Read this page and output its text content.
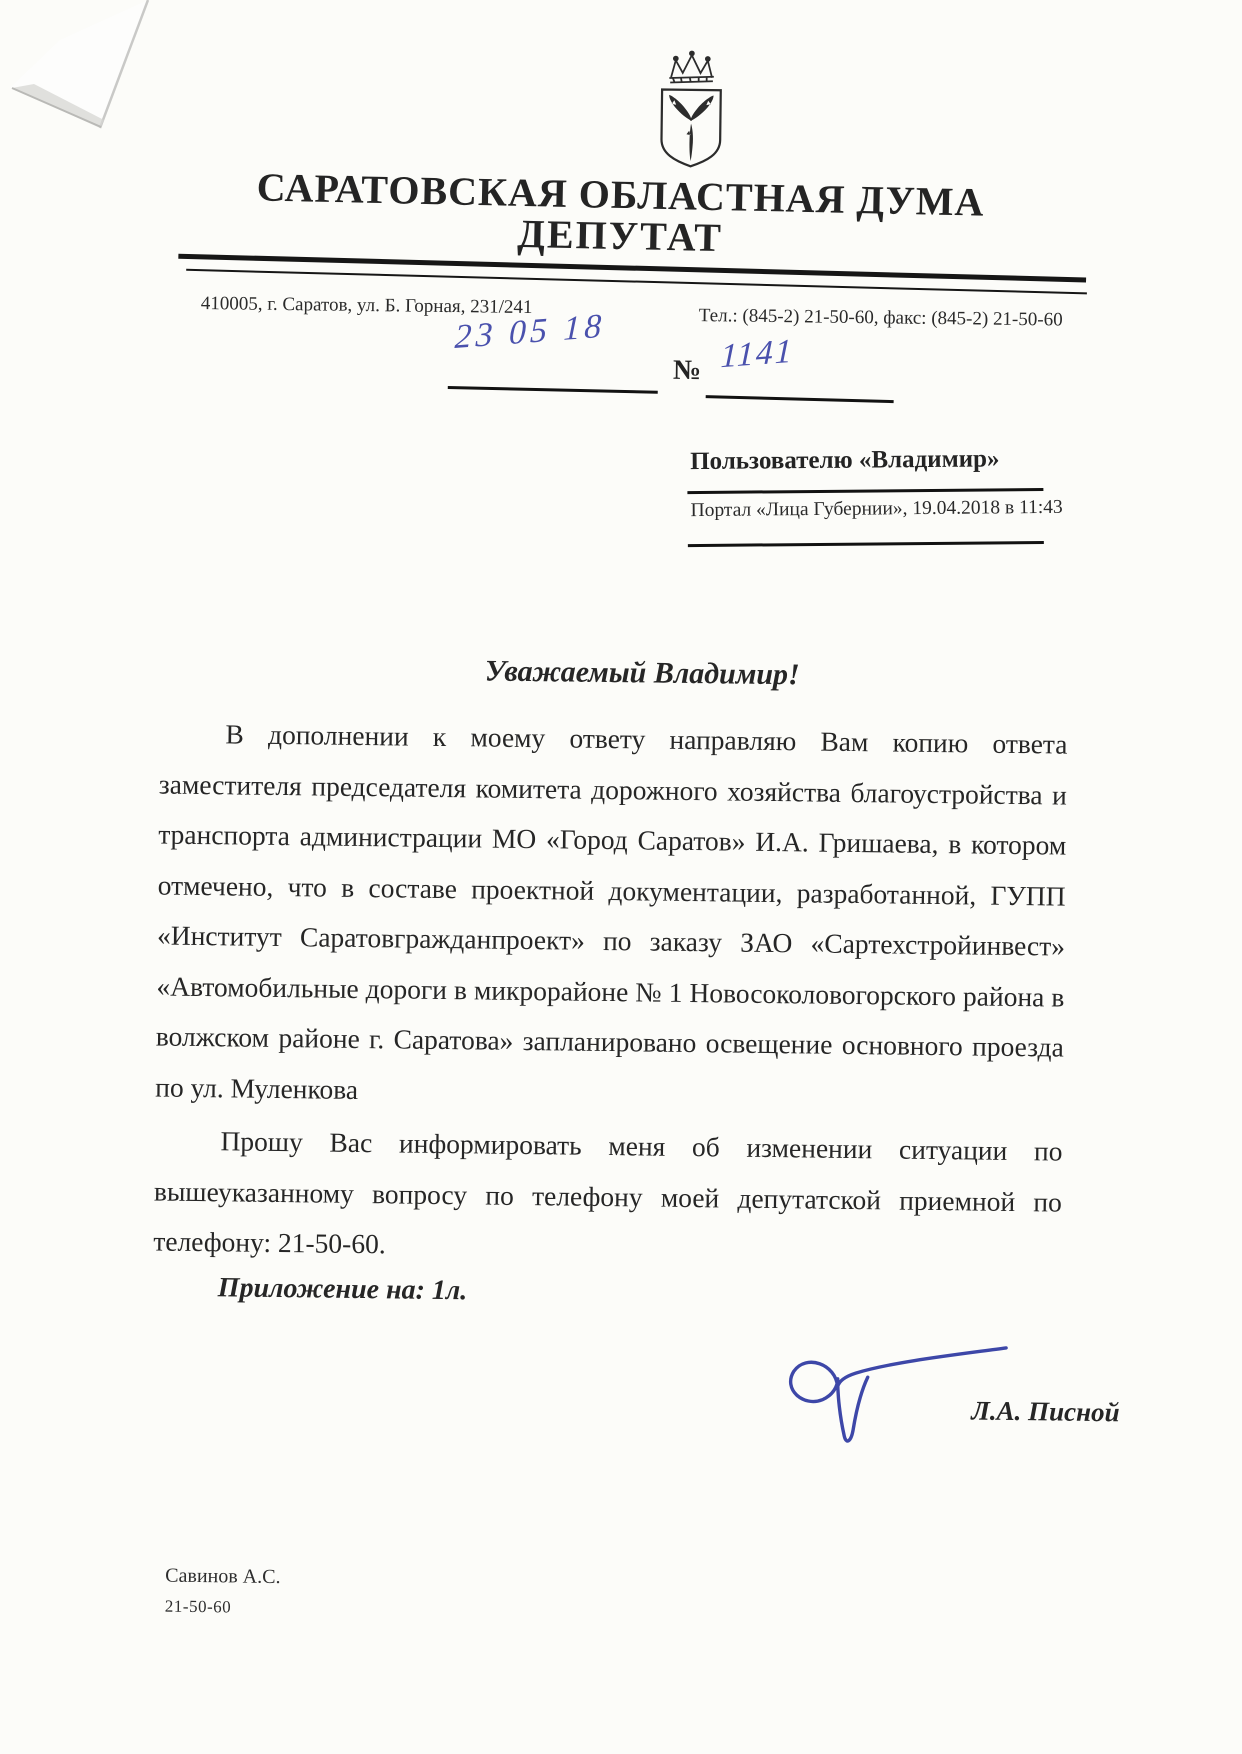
САРАТОВСКАЯ ОБЛАСТНАЯ ДУМА
ДЕПУТАТ
410005, г. Саратов, ул. Б. Горная, 231/241	Тел.: (845-2) 21-50-60, факс: (845-2) 21-50-60
23 05 18
№ 1141
Пользователю «Владимир»
Портал «Лица Губернии», 19.04.2018 в 11:43
Уважаемый Владимир!
В дополнении к моему ответу направляю Вам копию ответа
заместителя председателя комитета дорожного хозяйства благоустройства и
транспорта администрации МО «Город Саратов» И.А. Гришаева, в котором
отмечено, что в составе проектной документации, разработанной, ГУПП
«Институт Саратовгражданпроект» по заказу ЗАО «Сартехстройинвест»
«Автомобильные дороги в микрорайоне № 1 Новосоколовогорского района в
волжском районе г. Саратова» запланировано освещение основного проезда
по ул. Муленкова
Прошу Вас информировать меня об изменении ситуации по
вышеуказанному вопросу по телефону моей депутатской приемной по
телефону: 21-50-60.
Приложение на: 1л.
Л.А. Писной
Савинов А.С.
21-50-60
